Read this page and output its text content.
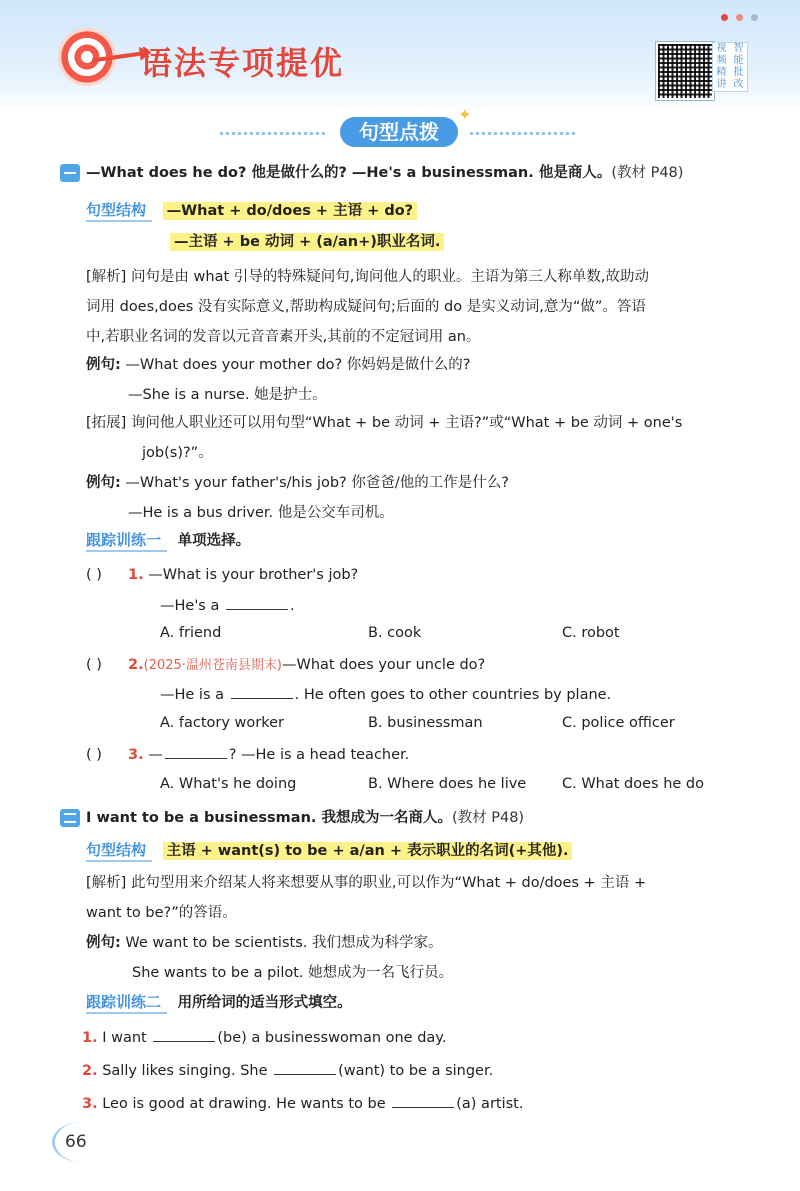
语法专项提优	视 智
频 能
精 批
讲 改
句型点拨
✦
—What does he do? 他是做什么的? —He's a businessman. 他是商人。(教材 P48)
句型结构 —What + do/does + 主语 + do?
—主语 + be 动词 + (a/an+)职业名词.
[解析] 问句是由 what 引导的特殊疑问句,询问他人的职业。主语为第三人称单数,故助动
词用 does,does 没有实际意义,帮助构成疑问句;后面的 do 是实义动词,意为“做”。答语
中,若职业名词的发音以元音音素开头,其前的不定冠词用 an。
例句: —What does your mother do? 你妈妈是做什么的?
—She is a nurse. 她是护士。
[拓展] 询问他人职业还可以用句型“What + be 动词 + 主语?”或“What + be 动词 + one's
job(s)?”。
例句: —What's your father's/his job? 你爸爸/他的工作是什么?
—He is a bus driver. 他是公交车司机。
跟踪训练一 单项选择。
( ) 1. —What is your brother's job?
—He's a	.
A. friend	B. cook	C. robot
( ) 2.(2025·温州苍南县期末)—What does your uncle do?
—He is a	. He often goes to other countries by plane.
A. factory worker	B. businessman	C. police officer
( ) 3. —	? —He is a head teacher.
A. What's he doing	B. Where does he live C. What does he do
I want to be a businessman. 我想成为一名商人。(教材 P48)
句型结构 主语 + want(s) to be + a/an + 表示职业的名词(+其他).
[解析] 此句型用来介绍某人将来想要从事的职业,可以作为“What + do/does + 主语 +
want to be?”的答语。
例句: We want to be scientists. 我们想成为科学家。
She wants to be a pilot. 她想成为一名飞行员。
跟踪训练二 用所给词的适当形式填空。
1. I want	(be) a businesswoman one day.
2. Sally likes singing. She	(want) to be a singer.
3. Leo is good at drawing. He wants to be	(a) artist.
66
